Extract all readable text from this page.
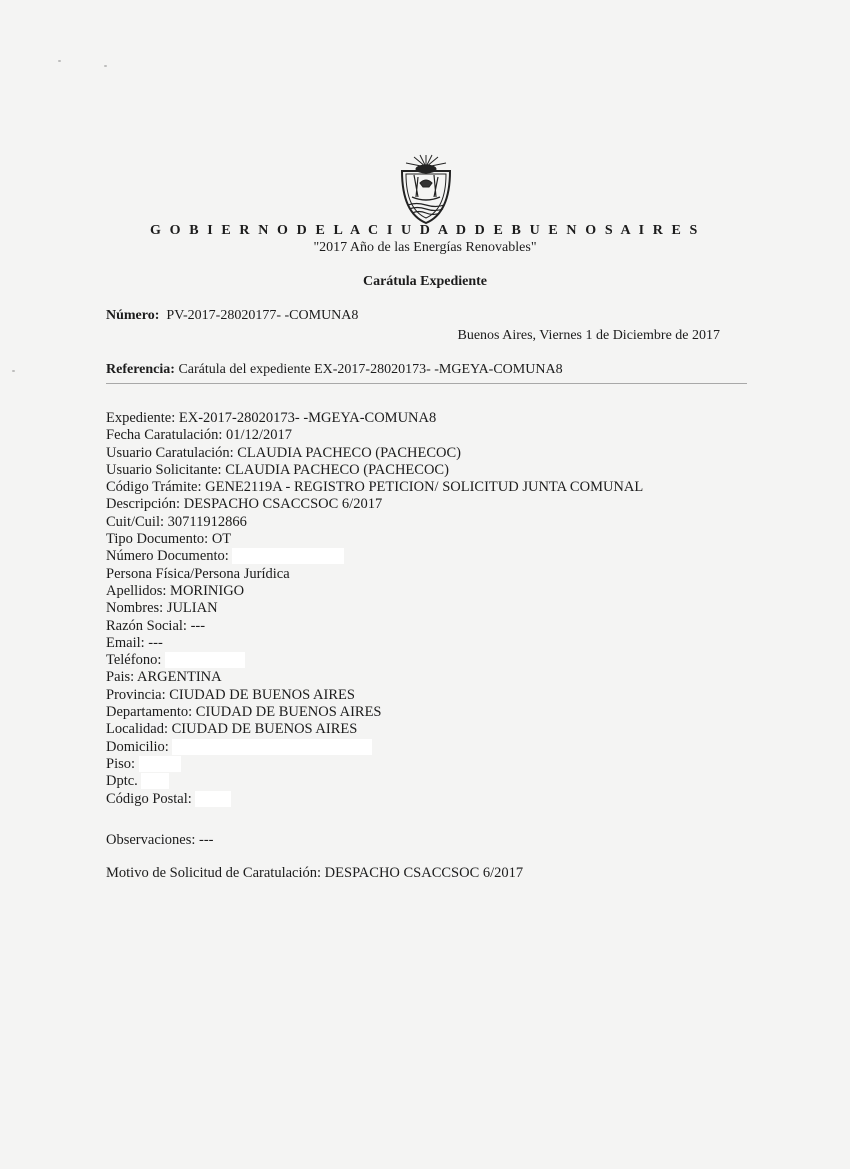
G O B I E R N O D E L A C I U D A D D E B U E N O S A I R E S
"2017 Año de las Energías Renovables"
Carátula Expediente
Número: PV-2017-28020177- -COMUNA8
Buenos Aires, Viernes 1 de Diciembre de 2017
Referencia: Carátula del expediente EX-2017-28020173- -MGEYA-COMUNA8
Expediente: EX-2017-28020173- -MGEYA-COMUNA8
Fecha Caratulación: 01/12/2017
Usuario Caratulación: CLAUDIA PACHECO (PACHECOC)
Usuario Solicitante: CLAUDIA PACHECO (PACHECOC)
Código Trámite: GENE2119A - REGISTRO PETICION/ SOLICITUD JUNTA COMUNAL
Descripción: DESPACHO CSACCSOC 6/2017
Cuit/Cuil: 30711912866
Tipo Documento: OT
Número Documento:
Persona Física/Persona Jurídica
Apellidos: MORINIGO
Nombres: JULIAN
Razón Social: ---
Email: ---
Teléfono:
Pais: ARGENTINA
Provincia: CIUDAD DE BUENOS AIRES
Departamento: CIUDAD DE BUENOS AIRES
Localidad: CIUDAD DE BUENOS AIRES
Domicilio:
Piso:
Dptc.
Código Postal:
Observaciones: ---
Motivo de Solicitud de Caratulación: DESPACHO CSACCSOC 6/2017
